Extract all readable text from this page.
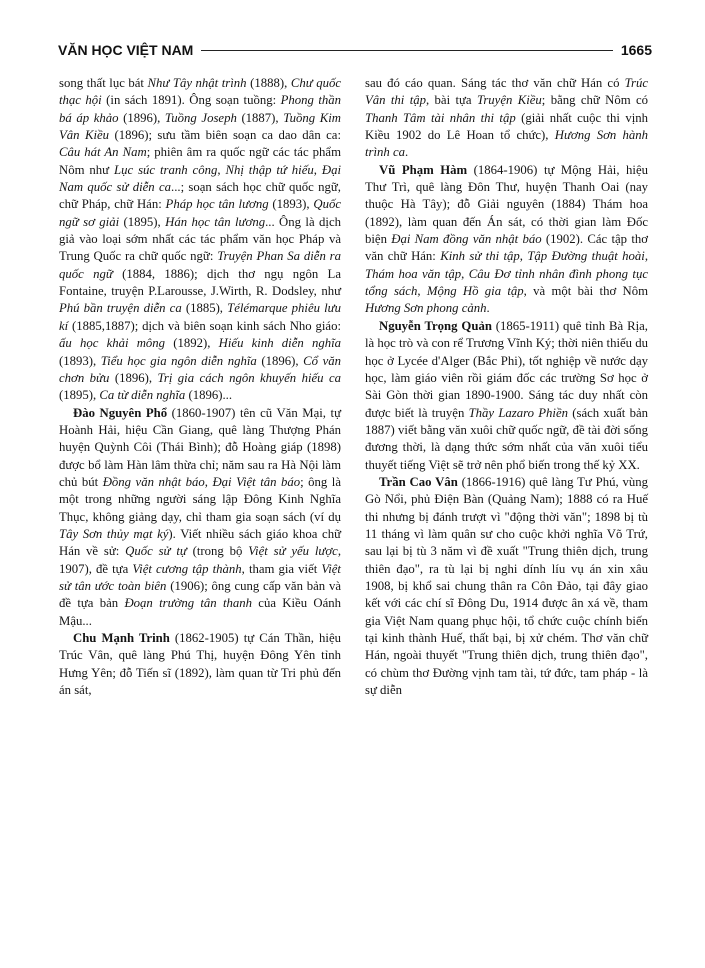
VĂN HỌC VIỆT NAM	1665

song thất lục bát Như Tây nhật trình (1888), Chư quốc thạc hội (in sách 1891). Ông soạn tuồng: Phong thần bá áp khảo (1896), Tuồng Joseph (1887), Tuồng Kim Vân Kiều (1896); sưu tầm biên soạn ca dao dân ca: Câu hát An Nam; phiên âm ra quốc ngữ các tác phẩm Nôm như Lục súc tranh công, Nhị thập tứ hiếu, Đại Nam quốc sử diễn ca...; soạn sách học chữ quốc ngữ, chữ Pháp, chữ Hán: Pháp học tân lương (1893), Quốc ngữ sơ giải (1895), Hán học tân lương... Ông là dịch giả vào loại sớm nhất các tác phẩm văn học Pháp và Trung Quốc ra chữ quốc ngữ: Truyện Phan Sa diễn ra quốc ngữ (1884, 1886); dịch thơ ngụ ngôn La Fontaine, truyện P.Larousse, J.Wirth, R. Dodsley, như Phú bần truyện diễn ca (1885), Télémarque phiêu lưu kí (1885,1887); dịch và biên soạn kinh sách Nho giáo: ấu học khải mông (1892), Hiếu kinh diễn nghĩa (1893), Tiểu học gia ngôn diễn nghĩa (1896), Cổ văn chơn bửu (1896), Trị gia cách ngôn khuyến hiếu ca (1895), Ca từ diễn nghĩa (1896)...

Đào Nguyên Phổ (1860-1907) tên cũ Văn Mại, tự Hoành Hải, hiệu Cần Giang, quê làng Thượng Phán huyện Quỳnh Côi (Thái Bình); đỗ Hoàng giáp (1898) được bổ làm Hàn lâm thừa chỉ; năm sau ra Hà Nội làm chủ bút Đồng văn nhật báo, Đại Việt tân báo; ông là một trong những người sáng lập Đông Kinh Nghĩa Thục, không giảng dạy, chỉ tham gia soạn sách (ví dụ Tây Sơn thủy mạt ký). Viết nhiều sách giáo khoa chữ Hán về sử: Quốc sử tự (trong bộ Việt sử yếu lược, 1907), đề tựa Việt cương tập thành, tham gia viết Việt sử tân ước toàn biên (1906); ông cung cấp văn bản và đề tựa bản Đoạn trường tân thanh của Kiều Oánh Mậu...

Chu Mạnh Trinh (1862-1905) tự Cán Thần, hiệu Trúc Vân, quê làng Phú Thị, huyện Đông Yên tỉnh Hưng Yên; đỗ Tiến sĩ (1892), làm quan từ Tri phủ đến án sát,

sau đó cáo quan. Sáng tác thơ văn chữ Hán có Trúc Vân thi tập, bài tựa Truyện Kiều; bằng chữ Nôm có Thanh Tâm tài nhân thi tập (giải nhất cuộc thi vịnh Kiều 1902 do Lê Hoan tổ chức), Hương Sơn hành trình ca.

Vũ Phạm Hàm (1864-1906) tự Mộng Hải, hiệu Thư Trì, quê làng Đôn Thư, huyện Thanh Oai (nay thuộc Hà Tây); đỗ Giải nguyên (1884) Thám hoa (1892), làm quan đến Án sát, có thời gian làm Đốc biện Đại Nam đồng văn nhật báo (1902). Các tập thơ văn chữ Hán: Kinh sử thi tập, Tập Đường thuật hoài, Thám hoa văn tập, Câu Đơ tỉnh nhân đình phong tục tổng sách, Mộng Hồ gia tập, và một bài thơ Nôm Hương Sơn phong cảnh.

Nguyễn Trọng Quản (1865-1911) quê tỉnh Bà Rịa, là học trò và con rể Trương Vĩnh Ký; thời niên thiếu du học ở Lycée d'Alger (Bắc Phi), tốt nghiệp về nước dạy học, làm giáo viên rồi giám đốc các trường Sơ học ở Sài Gòn thời gian 1890-1900. Sáng tác duy nhất còn được biết là truyện Thầy Lazaro Phiền (sách xuất bản 1887) viết bằng văn xuôi chữ quốc ngữ, đề tài đời sống đương thời, là dạng thức sớm nhất của văn xuôi tiểu thuyết tiếng Việt sẽ trở nên phổ biến trong thế kỷ XX.

Trần Cao Vân (1866-1916) quê làng Tư Phú, vùng Gò Nổi, phủ Điện Bàn (Quảng Nam); 1888 có ra Huế thi nhưng bị đánh trượt vì "động thời văn"; 1898 bị tù 11 tháng vì làm quân sư cho cuộc khởi nghĩa Võ Trứ, sau lại bị tù 3 năm vì đề xuất "Trung thiên dịch, trung thiên đạo", ra tù lại bị nghi dính líu vụ án xin xâu 1908, bị khổ sai chung thân ra Côn Đảo, tại đây giao kết với các chí sĩ Đông Du, 1914 được ân xá về, tham gia Việt Nam quang phục hội, tổ chức cuộc chính biến tại kinh thành Huế, thất bại, bị xử chém. Thơ văn chữ Hán, ngoài thuyết "Trung thiên dịch, trung thiên đạo", có chùm thơ Đường vịnh tam tài, tứ đức, tam pháp - là sự diễn
